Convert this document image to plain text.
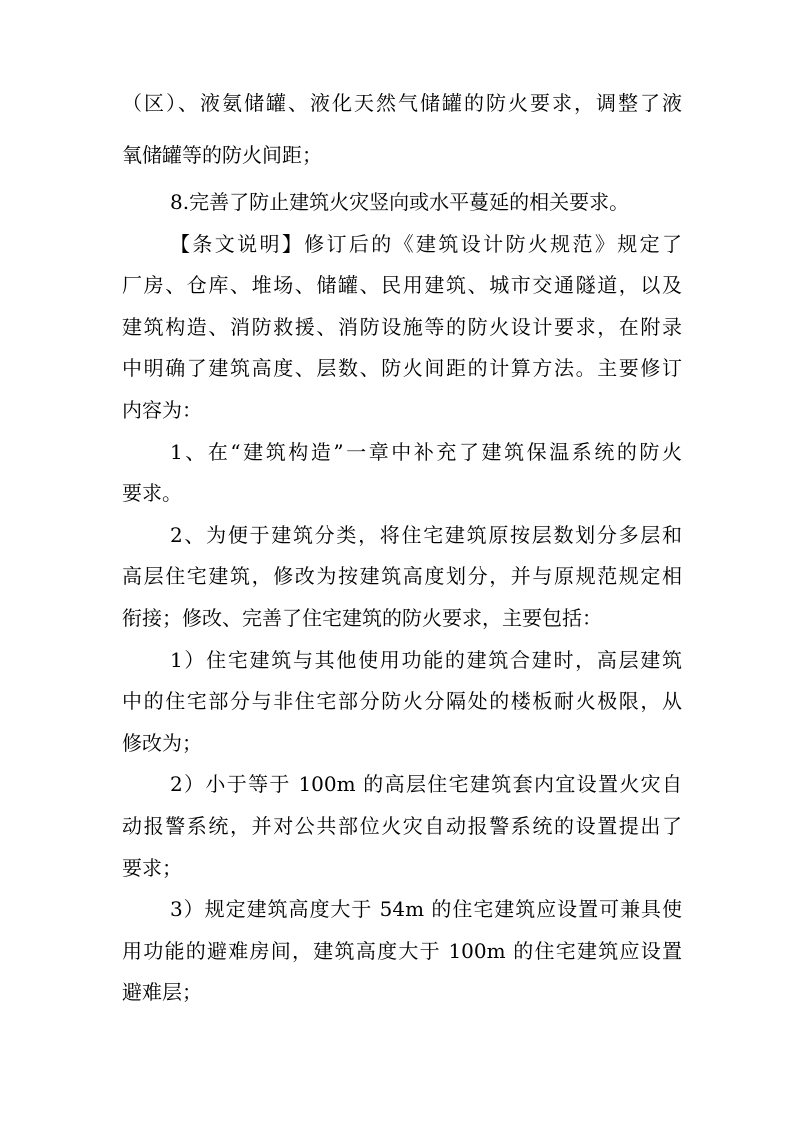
（区）、液氨储罐、液化天然气储罐的防火要求，调整了液

氧储罐等的防火间距；

8.完善了防止建筑火灾竖向或水平蔓延的相关要求。

【条文说明】修订后的《建筑设计防火规范》规定了

厂房、仓库、堆场、储罐、民用建筑、城市交通隧道，以及

建筑构造、消防救援、消防设施等的防火设计要求，在附录

中明确了建筑高度、层数、防火间距的计算方法。主要修订

内容为：

1、在“建筑构造”一章中补充了建筑保温系统的防火

要求。

2、为便于建筑分类，将住宅建筑原按层数划分多层和

高层住宅建筑，修改为按建筑高度划分，并与原规范规定相

衔接；修改、完善了住宅建筑的防火要求，主要包括：

1）住宅建筑与其他使用功能的建筑合建时，高层建筑

中的住宅部分与非住宅部分防火分隔处的楼板耐火极限，从

修改为；

2）小于等于 100m 的高层住宅建筑套内宜设置火灾自

动报警系统，并对公共部位火灾自动报警系统的设置提出了

要求；

3）规定建筑高度大于 54m 的住宅建筑应设置可兼具使

用功能的避难房间，建筑高度大于 100m 的住宅建筑应设置

避难层；
